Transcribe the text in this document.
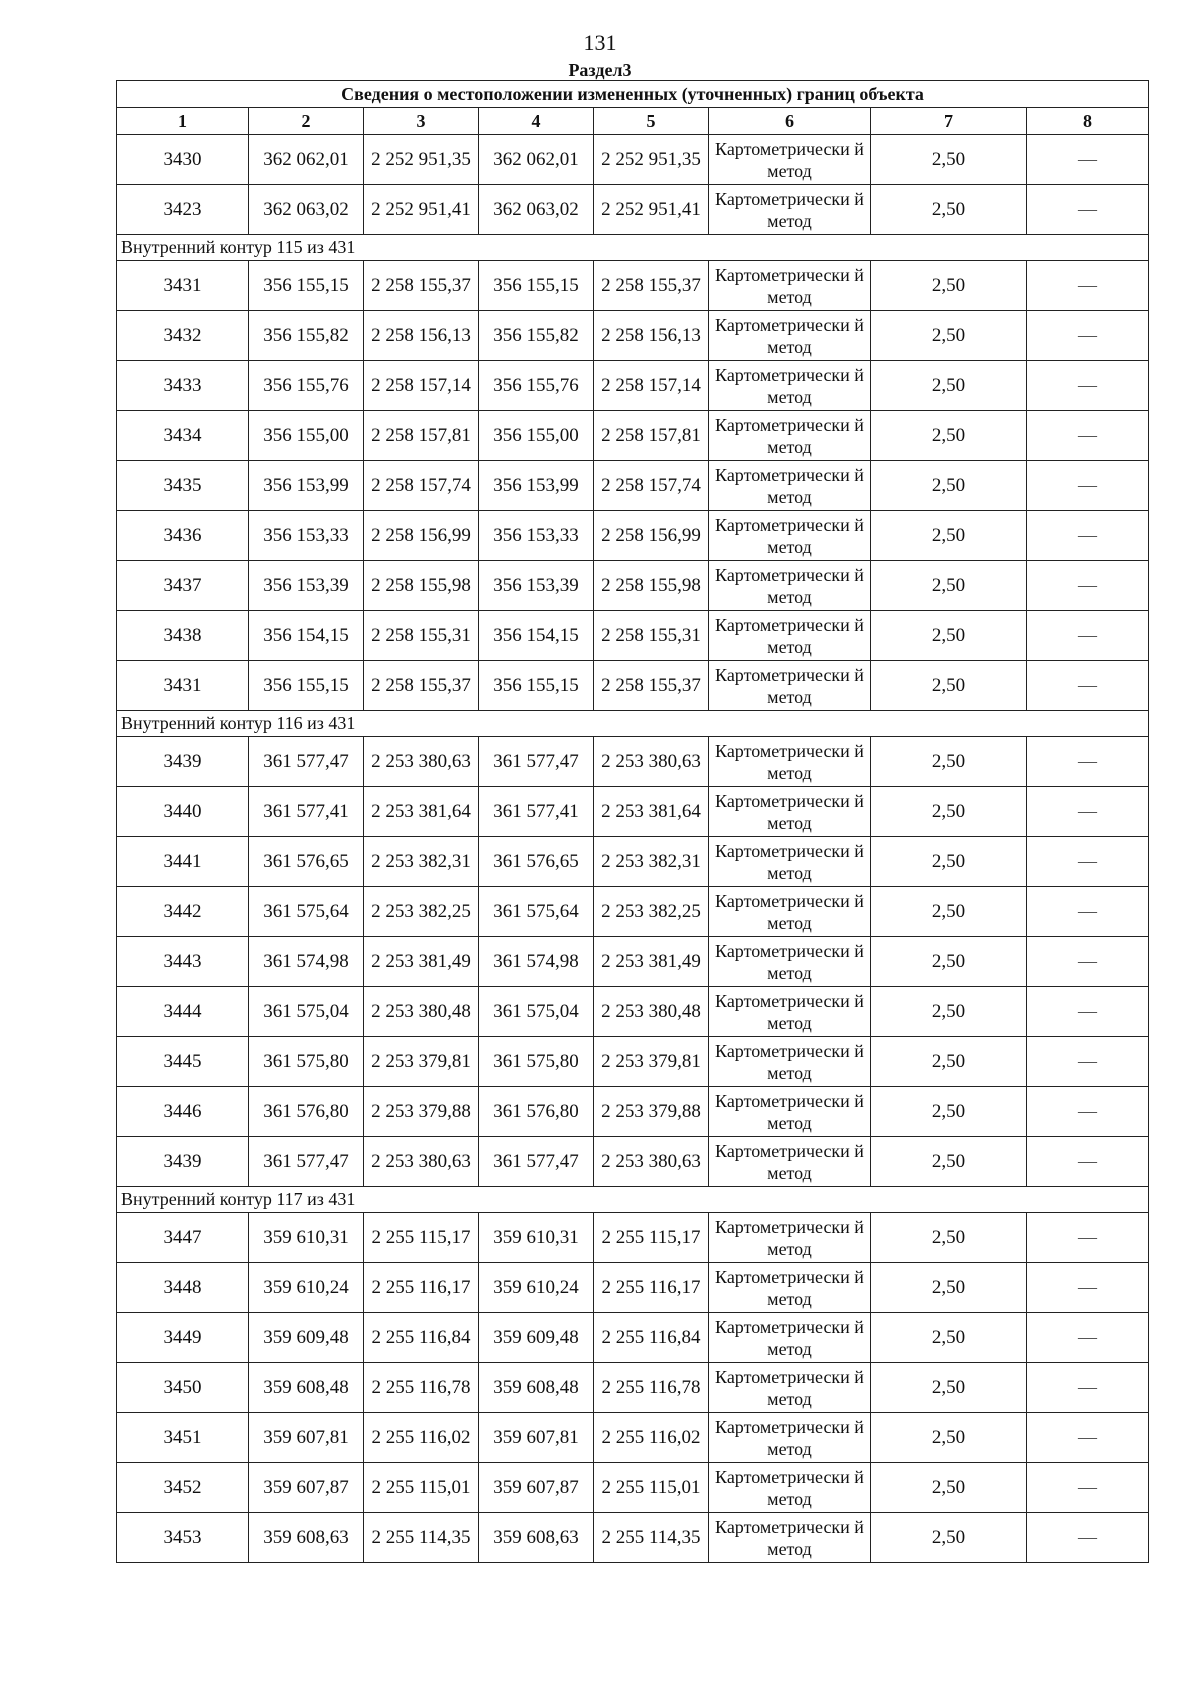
131
Раздел3
Сведения о местоположении измененных (уточненных) границ объекта							
1	2	3	4	5	6	7	8
3430	362 062,01	2 252 951,35	362 062,01	2 252 951,35	Картометрически й метод	2,50	—
3423	362 063,02	2 252 951,41	362 063,02	2 252 951,41	Картометрически й метод	2,50	—
Внутренний контур 115 из 431							
3431	356 155,15	2 258 155,37	356 155,15	2 258 155,37	Картометрически й метод	2,50	—
3432	356 155,82	2 258 156,13	356 155,82	2 258 156,13	Картометрически й метод	2,50	—
3433	356 155,76	2 258 157,14	356 155,76	2 258 157,14	Картометрически й метод	2,50	—
3434	356 155,00	2 258 157,81	356 155,00	2 258 157,81	Картометрически й метод	2,50	—
3435	356 153,99	2 258 157,74	356 153,99	2 258 157,74	Картометрически й метод	2,50	—
3436	356 153,33	2 258 156,99	356 153,33	2 258 156,99	Картометрически й метод	2,50	—
3437	356 153,39	2 258 155,98	356 153,39	2 258 155,98	Картометрически й метод	2,50	—
3438	356 154,15	2 258 155,31	356 154,15	2 258 155,31	Картометрически й метод	2,50	—
3431	356 155,15	2 258 155,37	356 155,15	2 258 155,37	Картометрически й метод	2,50	—
Внутренний контур 116 из 431							
3439	361 577,47	2 253 380,63	361 577,47	2 253 380,63	Картометрически й метод	2,50	—
3440	361 577,41	2 253 381,64	361 577,41	2 253 381,64	Картометрически й метод	2,50	—
3441	361 576,65	2 253 382,31	361 576,65	2 253 382,31	Картометрически й метод	2,50	—
3442	361 575,64	2 253 382,25	361 575,64	2 253 382,25	Картометрически й метод	2,50	—
3443	361 574,98	2 253 381,49	361 574,98	2 253 381,49	Картометрически й метод	2,50	—
3444	361 575,04	2 253 380,48	361 575,04	2 253 380,48	Картометрически й метод	2,50	—
3445	361 575,80	2 253 379,81	361 575,80	2 253 379,81	Картометрически й метод	2,50	—
3446	361 576,80	2 253 379,88	361 576,80	2 253 379,88	Картометрически й метод	2,50	—
3439	361 577,47	2 253 380,63	361 577,47	2 253 380,63	Картометрически й метод	2,50	—
Внутренний контур 117 из 431							
3447	359 610,31	2 255 115,17	359 610,31	2 255 115,17	Картометрически й метод	2,50	—
3448	359 610,24	2 255 116,17	359 610,24	2 255 116,17	Картометрически й метод	2,50	—
3449	359 609,48	2 255 116,84	359 609,48	2 255 116,84	Картометрически й метод	2,50	—
3450	359 608,48	2 255 116,78	359 608,48	2 255 116,78	Картометрически й метод	2,50	—
3451	359 607,81	2 255 116,02	359 607,81	2 255 116,02	Картометрически й метод	2,50	—
3452	359 607,87	2 255 115,01	359 607,87	2 255 115,01	Картометрически й метод	2,50	—
3453	359 608,63	2 255 114,35	359 608,63	2 255 114,35	Картометрически й метод	2,50	—
